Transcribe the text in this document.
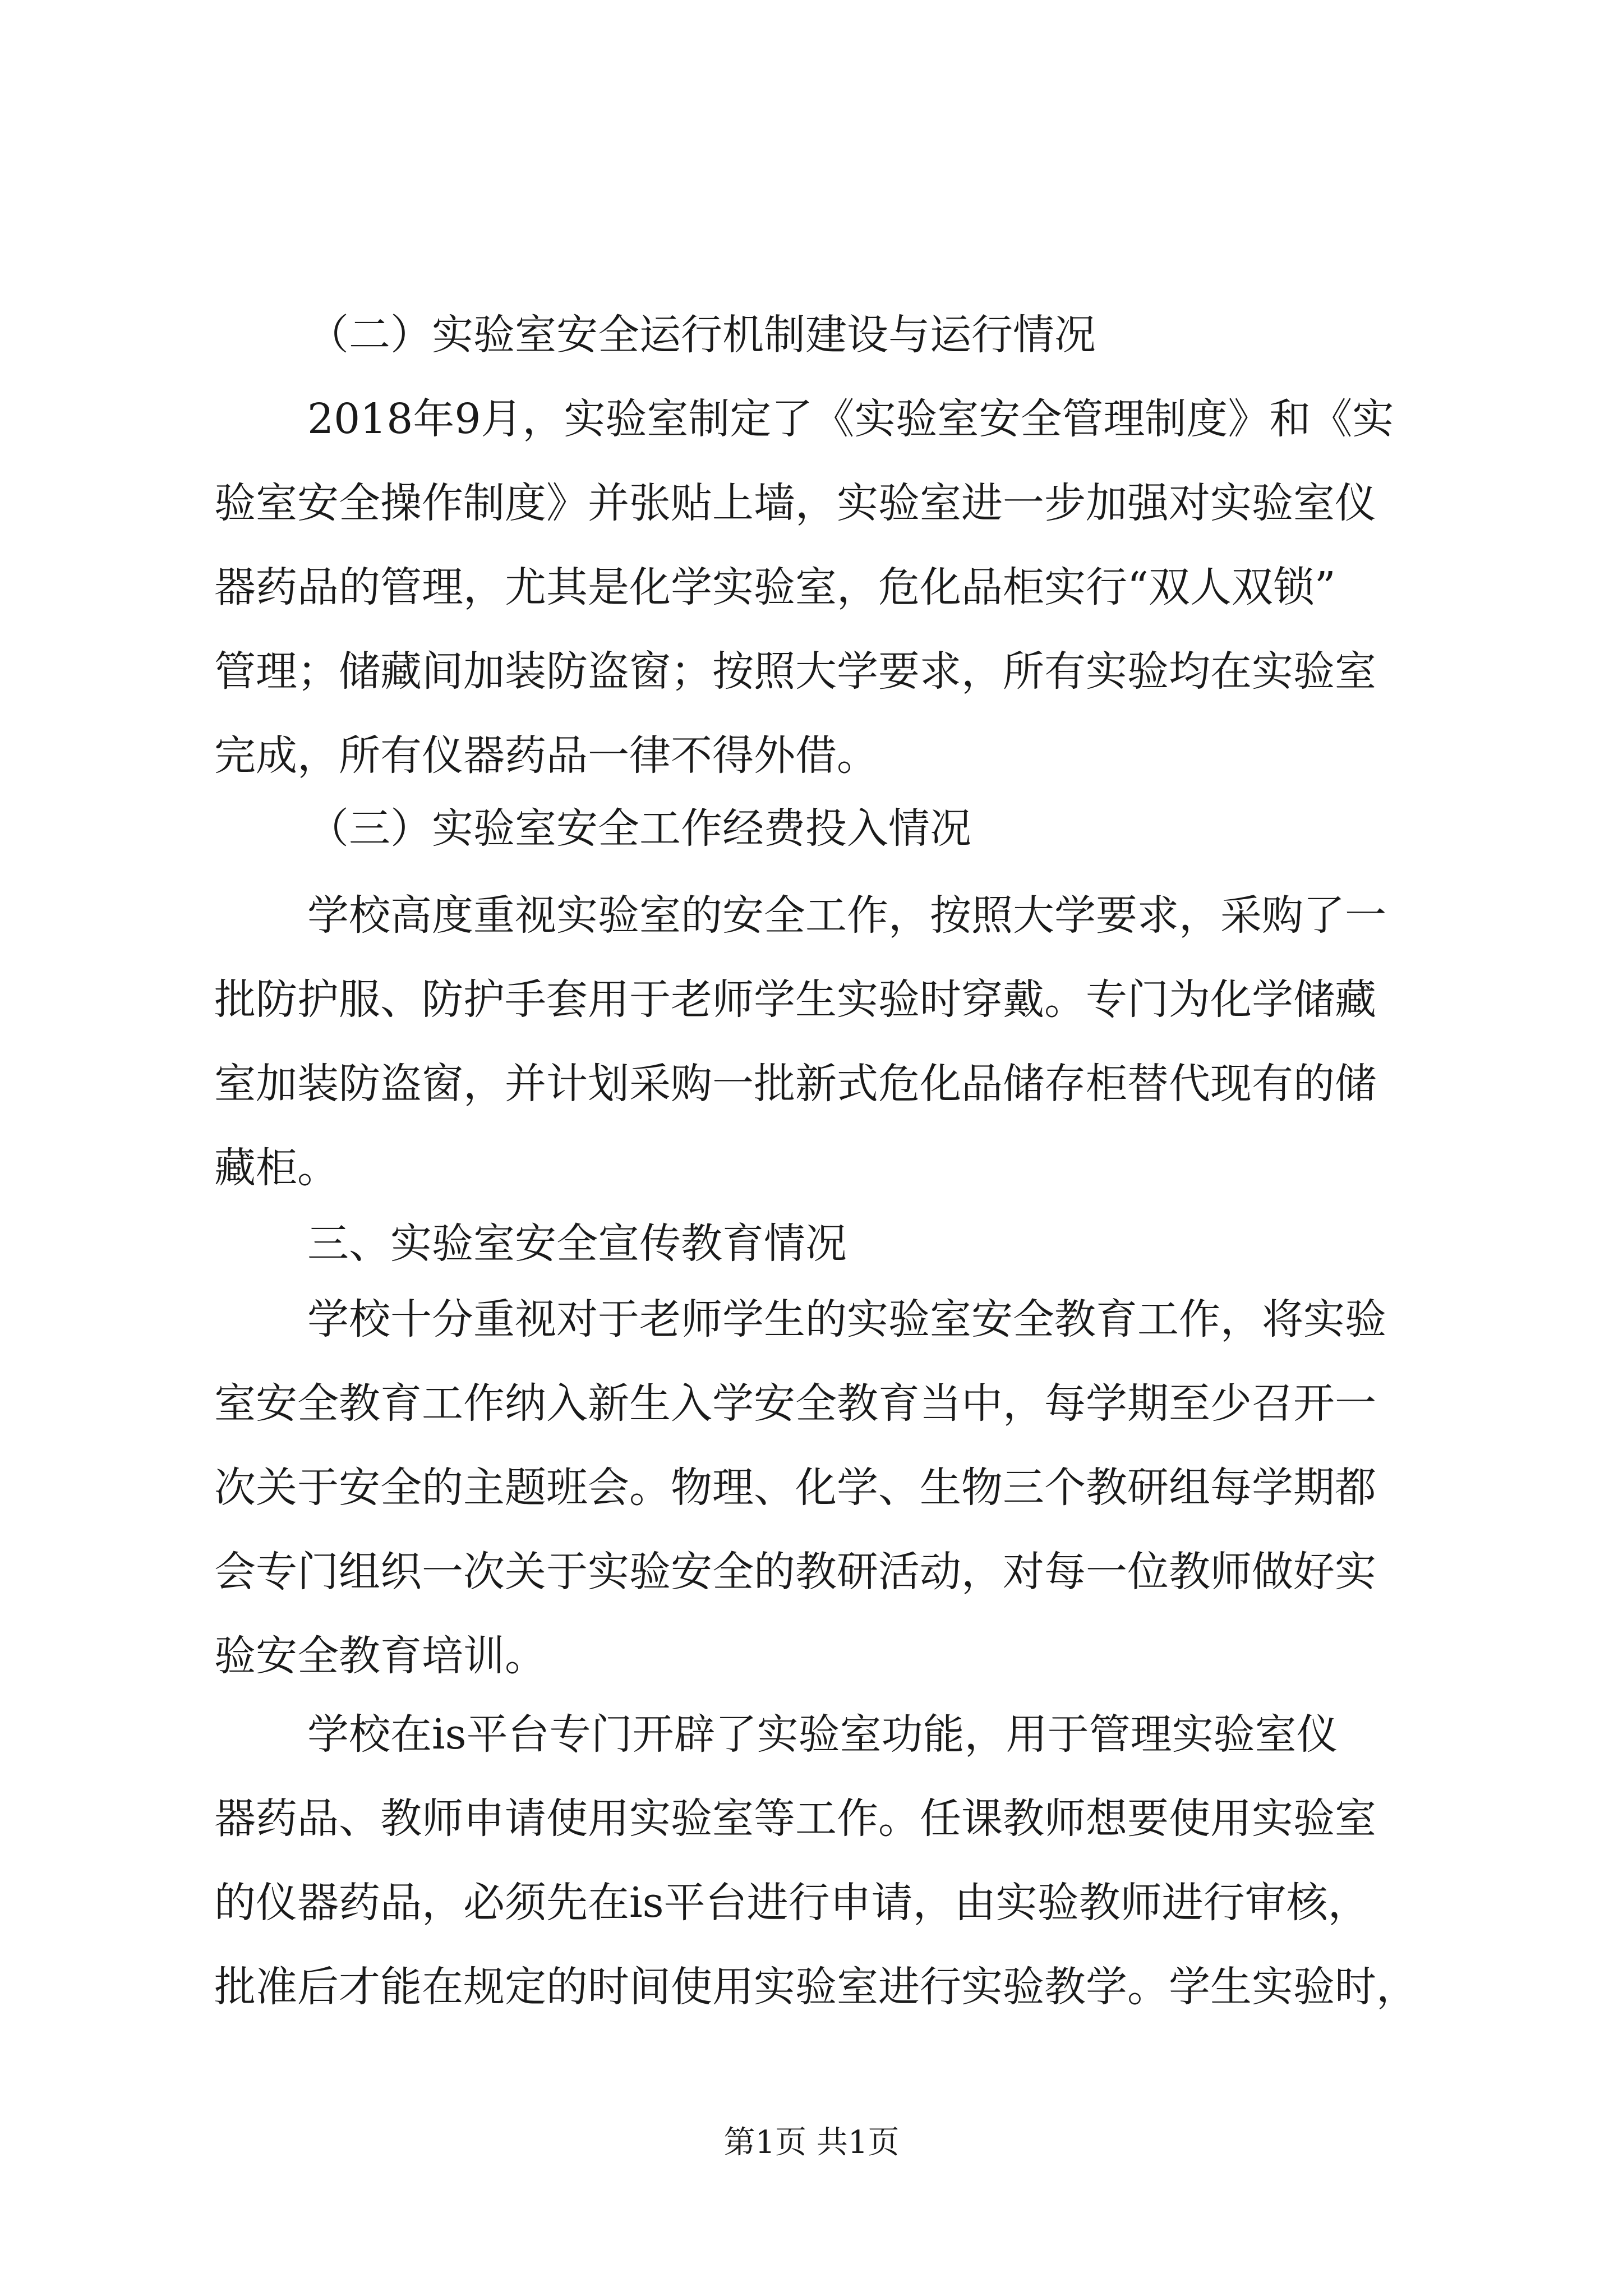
（二）实验室安全运行机制建设与运行情况
2018年9月，实验室制定了《实验室安全管理制度》和《实
验室安全操作制度》并张贴上墙，实验室进一步加强对实验室仪
器药品的管理，尤其是化学实验室，危化品柜实行“双人双锁”
管理；储藏间加装防盗窗；按照大学要求，所有实验均在实验室
完成，所有仪器药品一律不得外借。
（三）实验室安全工作经费投入情况
学校高度重视实验室的安全工作，按照大学要求，采购了一
批防护服、防护手套用于老师学生实验时穿戴。专门为化学储藏
室加装防盗窗，并计划采购一批新式危化品储存柜替代现有的储
藏柜。
三、实验室安全宣传教育情况
学校十分重视对于老师学生的实验室安全教育工作，将实验
室安全教育工作纳入新生入学安全教育当中，每学期至少召开一
次关于安全的主题班会。物理、化学、生物三个教研组每学期都
会专门组织一次关于实验安全的教研活动，对每一位教师做好实
验安全教育培训。
学校在is平台专门开辟了实验室功能，用于管理实验室仪
器药品、教师申请使用实验室等工作。任课教师想要使用实验室
的仪器药品，必须先在is平台进行申请，由实验教师进行审核，
批准后才能在规定的时间使用实验室进行实验教学。学生实验时，
第1页 共1页
